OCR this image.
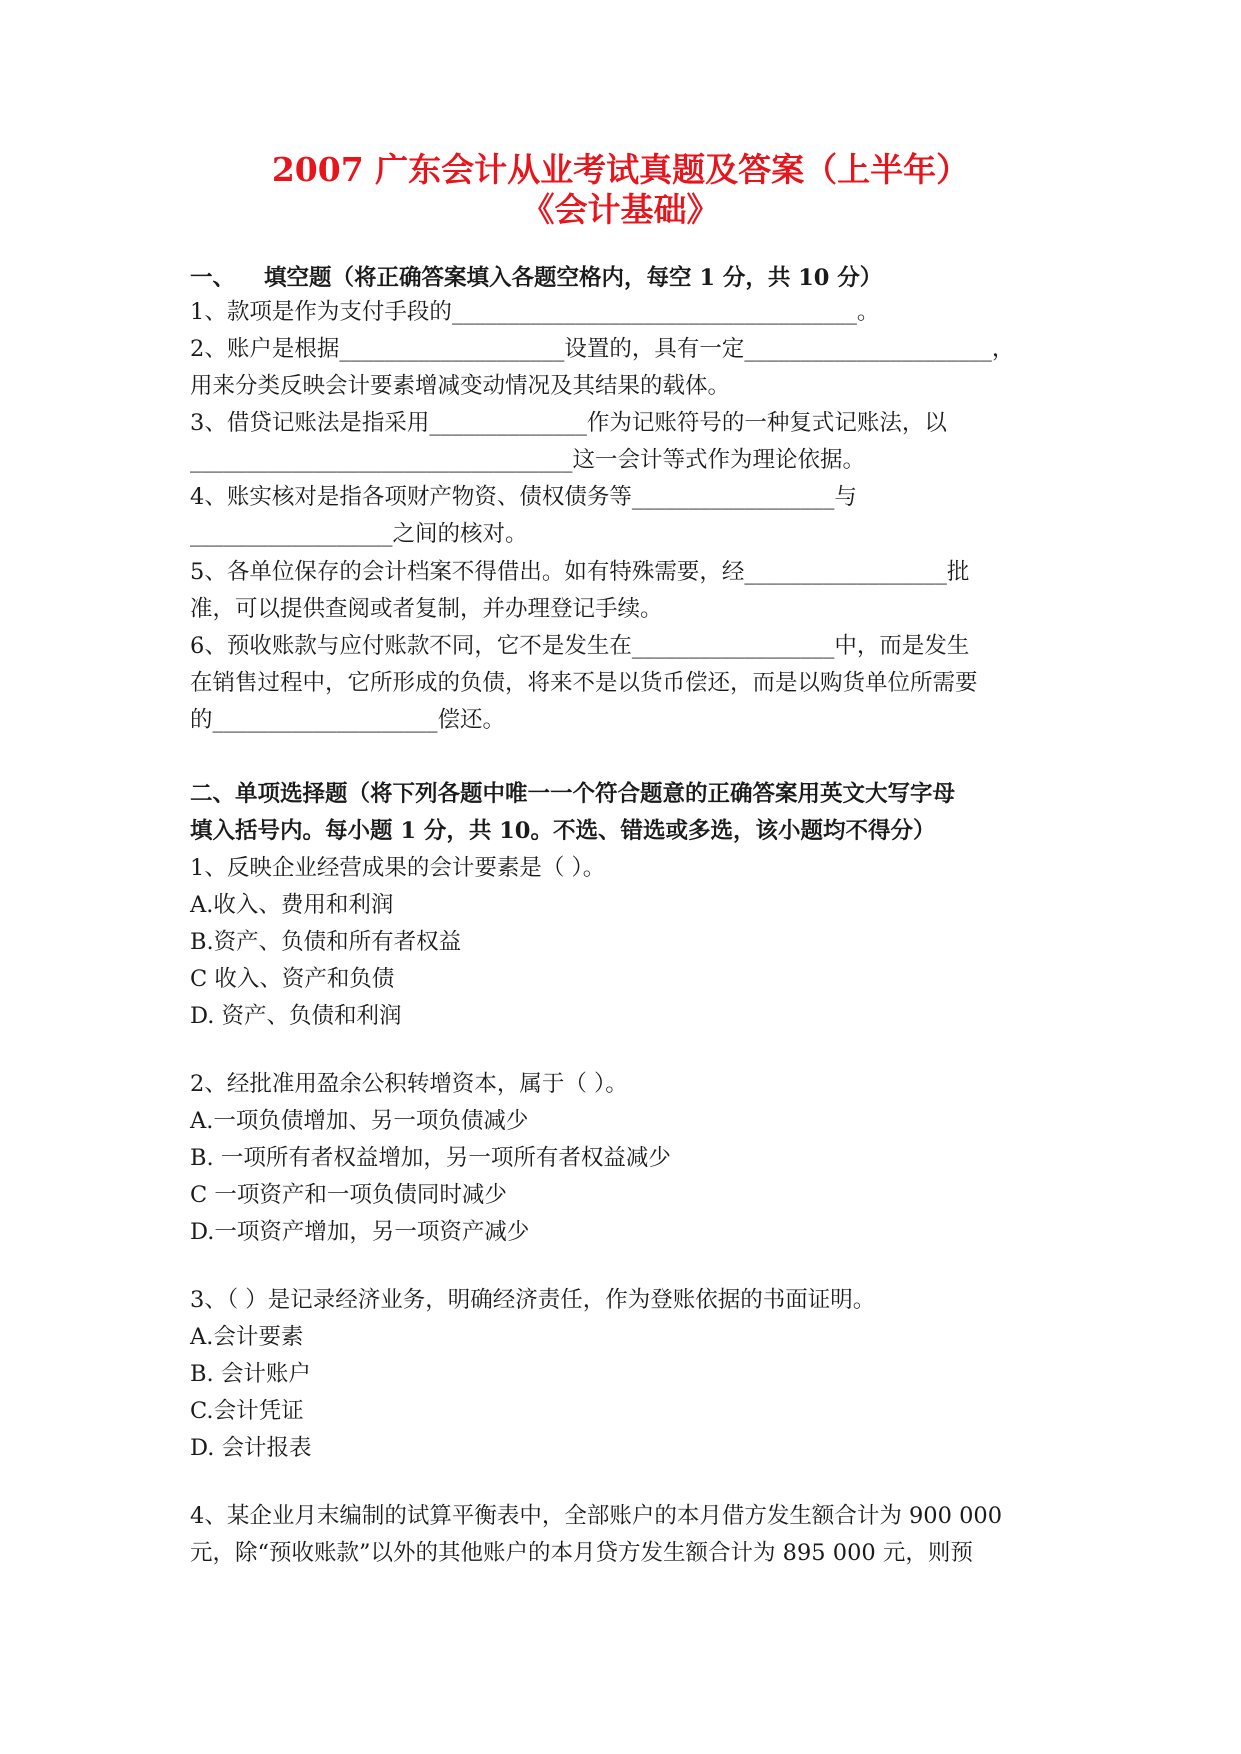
2007 广东会计从业考试真题及答案（上半年）
《会计基础》
一、 填空题（将正确答案填入各题空格内，每空 1 分，共 10 分）
1、款项是作为支付手段的____________________________________。
2、账户是根据____________________设置的，具有一定______________________，
用来分类反映会计要素增减变动情况及其结果的载体。
3、借贷记账法是指采用______________作为记账符号的一种复式记账法，以
__________________________________这一会计等式作为理论依据。
4、账实核对是指各项财产物资、债权债务等__________________与
__________________之间的核对。
5、各单位保存的会计档案不得借出。如有特殊需要，经__________________批
准，可以提供查阅或者复制，并办理登记手续。
6、预收账款与应付账款不同，它不是发生在__________________中，而是发生
在销售过程中，它所形成的负债，将来不是以货币偿还，而是以购货单位所需要
的____________________偿还。
二、单项选择题（将下列各题中唯一一个符合题意的正确答案用英文大写字母
填入括号内。每小题 1 分，共 10。不选、错选或多选，该小题均不得分）
1、反映企业经营成果的会计要素是（ ）。
A.收入、费用和利润
B.资产、负债和所有者权益
C 收入、资产和负债
D. 资产、负债和利润
2、经批准用盈余公积转增资本，属于（ ）。
A.一项负债增加、另一项负债减少
B. 一项所有者权益增加，另一项所有者权益减少
C 一项资产和一项负债同时减少
D.一项资产增加，另一项资产减少
3、（ ）是记录经济业务，明确经济责任，作为登账依据的书面证明。
A.会计要素
B. 会计账户
C.会计凭证
D. 会计报表
4、某企业月末编制的试算平衡表中，全部账户的本月借方发生额合计为 900 000
元，除“预收账款”以外的其他账户的本月贷方发生额合计为 895 000 元，则预
